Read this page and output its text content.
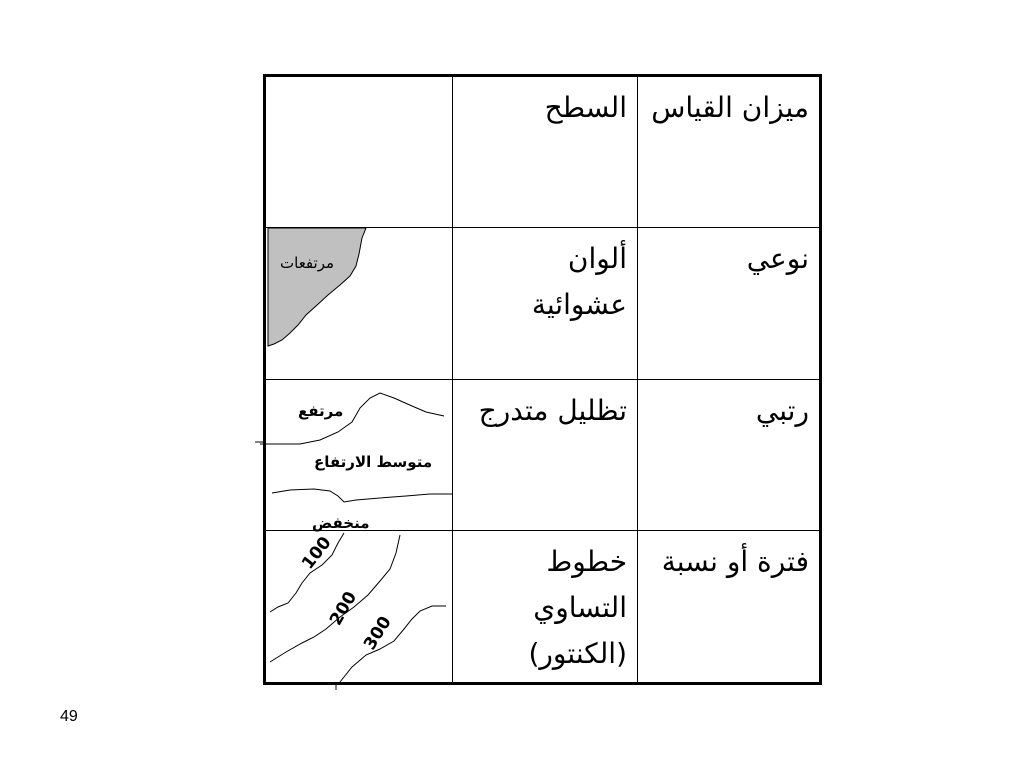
السطح ميزان القياس
مرتفعات	ألوان
عشوائية
نوعي
مرتفع
متوسط الارتفاع
منخفض
تظليل متدرج	رتبي
100
200
300
خطوط
التساوي
(الكنتور)
فترة أو نسبة
49
